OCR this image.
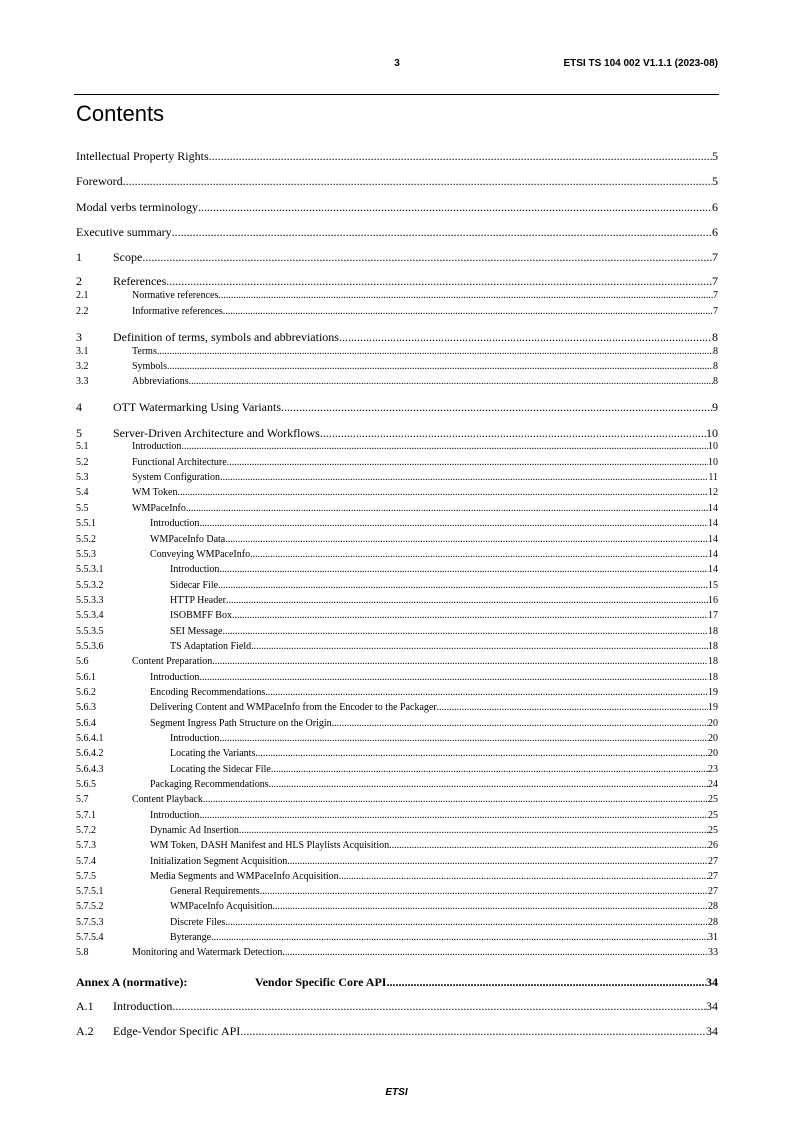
3	ETSI TS 104 002 V1.1.1 (2023-08)
Contents
Intellectual Property Rights .....	5
Foreword .....	5
Modal verbs terminology .....	6
Executive summary .....	6
1	Scope .....	7
2	References .....	7
2.1	Normative references .....	7
2.2	Informative references .....	7
3	Definition of terms, symbols and abbreviations .....	8
3.1	Terms .....	8
3.2	Symbols .....	8
3.3	Abbreviations .....	8
4	OTT Watermarking Using Variants .....	9
5	Server-Driven Architecture and Workflows .....	10
5.1	Introduction .....	10
5.2	Functional Architecture .....	10
5.3	System Configuration .....	11
5.4	WM Token .....	12
5.5	WMPaceInfo .....	14
5.5.1	Introduction .....	14
5.5.2	WMPaceInfo Data .....	14
5.5.3	Conveying WMPaceInfo .....	14
5.5.3.1	Introduction .....	14
5.5.3.2	Sidecar File .....	15
5.5.3.3	HTTP Header .....	16
5.5.3.4	ISOBMFF Box .....	17
5.5.3.5	SEI Message .....	18
5.5.3.6	TS Adaptation Field .....	18
5.6	Content Preparation .....	18
5.6.1	Introduction .....	18
5.6.2	Encoding Recommendations .....	19
5.6.3	Delivering Content and WMPaceInfo from the Encoder to the Packager .....	19
5.6.4	Segment Ingress Path Structure on the Origin .....	20
5.6.4.1	Introduction .....	20
5.6.4.2	Locating the Variants .....	20
5.6.4.3	Locating the Sidecar File .....	23
5.6.5	Packaging Recommendations .....	24
5.7	Content Playback .....	25
5.7.1	Introduction .....	25
5.7.2	Dynamic Ad Insertion .....	25
5.7.3	WM Token, DASH Manifest and HLS Playlists Acquisition .....	26
5.7.4	Initialization Segment Acquisition .....	27
5.7.5	Media Segments and WMPaceInfo Acquisition .....	27
5.7.5.1	General Requirements .....	27
5.7.5.2	WMPaceInfo Acquisition .....	28
5.7.5.3	Discrete Files .....	28
5.7.5.4	Byterange .....	31
5.8	Monitoring and Watermark Detection .....	33
Annex A (normative):	Vendor Specific Core API .....	34
A.1	Introduction .....	34
A.2	Edge-Vendor Specific API .....	34
ETSI
